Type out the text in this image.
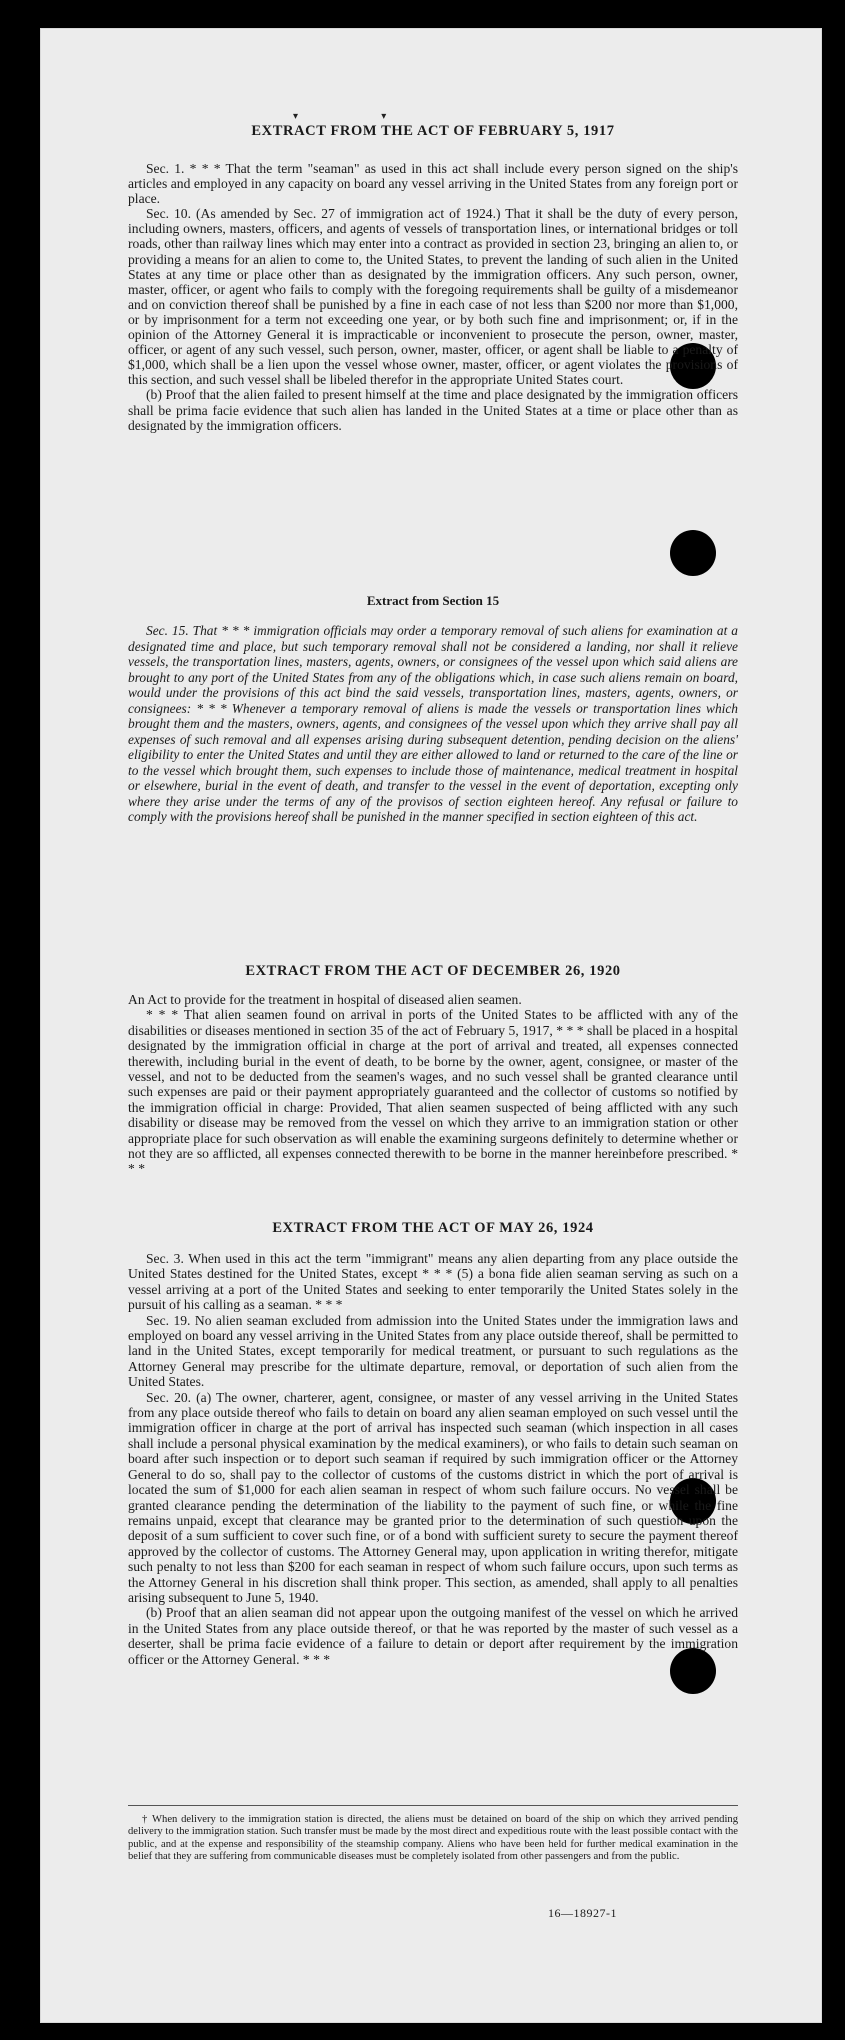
▾ ▾
EXTRACT FROM THE ACT OF FEBRUARY 5, 1917

Sec. 1. * * * That the term "seaman" as used in this act shall include every person signed on the ship's articles and employed in any capacity on board any vessel arriving in the United States from any foreign port or place.

Sec. 10. (As amended by Sec. 27 of immigration act of 1924.) That it shall be the duty of every person, including owners, masters, officers, and agents of vessels of transportation lines, or international bridges or toll roads, other than railway lines which may enter into a contract as provided in section 23, bringing an alien to, or providing a means for an alien to come to, the United States, to prevent the landing of such alien in the United States at any time or place other than as designated by the immigration officers. Any such person, owner, master, officer, or agent who fails to comply with the foregoing requirements shall be guilty of a misdemeanor and on conviction thereof shall be punished by a fine in each case of not less than $200 nor more than $1,000, or by imprisonment for a term not exceeding one year, or by both such fine and imprisonment; or, if in the opinion of the Attorney General it is impracticable or inconvenient to prosecute the person, owner, master, officer, or agent of any such vessel, such person, owner, master, officer, or agent shall be liable to a penalty of $1,000, which shall be a lien upon the vessel whose owner, master, officer, or agent violates the provisions of this section, and such vessel shall be libeled therefor in the appropriate United States court.

(b) Proof that the alien failed to present himself at the time and place designated by the immigration officers shall be prima facie evidence that such alien has landed in the United States at a time or place other than as designated by the immigration officers.

Extract from Section 15

Sec. 15. That * * * immigration officials may order a temporary removal of such aliens for examination at a designated time and place, but such temporary removal shall not be considered a landing, nor shall it relieve vessels, the transportation lines, masters, agents, owners, or consignees of the vessel upon which said aliens are brought to any port of the United States from any of the obligations which, in case such aliens remain on board, would under the provisions of this act bind the said vessels, transportation lines, masters, agents, owners, or consignees: * * * Whenever a temporary removal of aliens is made the vessels or transportation lines which brought them and the masters, owners, agents, and consignees of the vessel upon which they arrive shall pay all expenses of such removal and all expenses arising during subsequent detention, pending decision on the aliens' eligibility to enter the United States and until they are either allowed to land or returned to the care of the line or to the vessel which brought them, such expenses to include those of maintenance, medical treatment in hospital or elsewhere, burial in the event of death, and transfer to the vessel in the event of deportation, excepting only where they arise under the terms of any of the provisos of section eighteen hereof. Any refusal or failure to comply with the provisions hereof shall be punished in the manner specified in section eighteen of this act.

EXTRACT FROM THE ACT OF DECEMBER 26, 1920

An Act to provide for the treatment in hospital of diseased alien seamen.

* * * That alien seamen found on arrival in ports of the United States to be afflicted with any of the disabilities or diseases mentioned in section 35 of the act of February 5, 1917, * * * shall be placed in a hospital designated by the immigration official in charge at the port of arrival and treated, all expenses connected therewith, including burial in the event of death, to be borne by the owner, agent, consignee, or master of the vessel, and not to be deducted from the seamen's wages, and no such vessel shall be granted clearance until such expenses are paid or their payment appropriately guaranteed and the collector of customs so notified by the immigration official in charge: Provided, That alien seamen suspected of being afflicted with any such disability or disease may be removed from the vessel on which they arrive to an immigration station or other appropriate place for such observation as will enable the examining surgeons definitely to determine whether or not they are so afflicted, all expenses connected therewith to be borne in the manner hereinbefore prescribed. * * *

EXTRACT FROM THE ACT OF MAY 26, 1924

Sec. 3. When used in this act the term "immigrant" means any alien departing from any place outside the United States destined for the United States, except * * * (5) a bona fide alien seaman serving as such on a vessel arriving at a port of the United States and seeking to enter temporarily the United States solely in the pursuit of his calling as a seaman. * * *

Sec. 19. No alien seaman excluded from admission into the United States under the immigration laws and employed on board any vessel arriving in the United States from any place outside thereof, shall be permitted to land in the United States, except temporarily for medical treatment, or pursuant to such regulations as the Attorney General may prescribe for the ultimate departure, removal, or deportation of such alien from the United States.

Sec. 20. (a) The owner, charterer, agent, consignee, or master of any vessel arriving in the United States from any place outside thereof who fails to detain on board any alien seaman employed on such vessel until the immigration officer in charge at the port of arrival has inspected such seaman (which inspection in all cases shall include a personal physical examination by the medical examiners), or who fails to detain such seaman on board after such inspection or to deport such seaman if required by such immigration officer or the Attorney General to do so, shall pay to the collector of customs of the customs district in which the port of arrival is located the sum of $1,000 for each alien seaman in respect of whom such failure occurs. No vessel shall be granted clearance pending the determination of the liability to the payment of such fine, or while the fine remains unpaid, except that clearance may be granted prior to the determination of such question upon the deposit of a sum sufficient to cover such fine, or of a bond with sufficient surety to secure the payment thereof approved by the collector of customs. The Attorney General may, upon application in writing therefor, mitigate such penalty to not less than $200 for each seaman in respect of whom such failure occurs, upon such terms as the Attorney General in his discretion shall think proper. This section, as amended, shall apply to all penalties arising subsequent to June 5, 1940.

(b) Proof that an alien seaman did not appear upon the outgoing manifest of the vessel on which he arrived in the United States from any place outside thereof, or that he was reported by the master of such vessel as a deserter, shall be prima facie evidence of a failure to detain or deport after requirement by the immigration officer or the Attorney General. * * *

† When delivery to the immigration station is directed, the aliens must be detained on board of the ship on which they arrived pending delivery to the immigration station. Such transfer must be made by the most direct and expeditious route with the least possible contact with the public, and at the expense and responsibility of the steamship company. Aliens who have been held for further medical examination in the belief that they are suffering from communicable diseases must be completely isolated from other passengers and from the public.

16—18927-1
